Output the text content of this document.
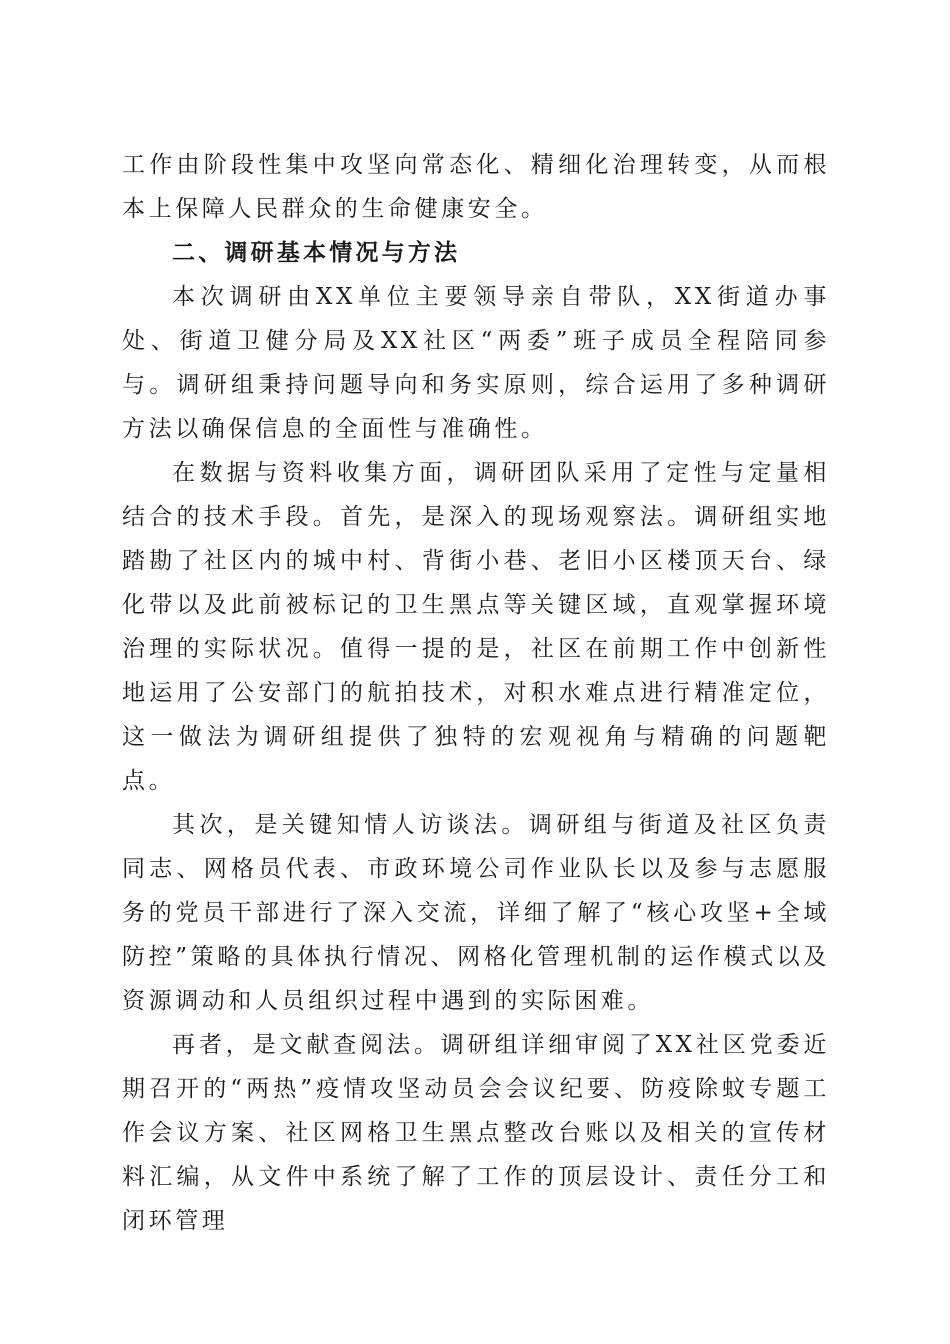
工作由阶段性集中攻坚向常态化、精细化治理转变，从而根本上保障人民群众的生命健康安全。

二、调研基本情况与方法

本次调研由XX单位主要领导亲自带队，XX街道办事处、街道卫健分局及XX社区“两委”班子成员全程陪同参与。调研组秉持问题导向和务实原则，综合运用了多种调研方法以确保信息的全面性与准确性。

在数据与资料收集方面，调研团队采用了定性与定量相结合的技术手段。首先，是深入的现场观察法。调研组实地踏勘了社区内的城中村、背街小巷、老旧小区楼顶天台、绿化带以及此前被标记的卫生黑点等关键区域，直观掌握环境治理的实际状况。值得一提的是，社区在前期工作中创新性地运用了公安部门的航拍技术，对积水难点进行精准定位，这一做法为调研组提供了独特的宏观视角与精确的问题靶点。

其次，是关键知情人访谈法。调研组与街道及社区负责同志、网格员代表、市政环境公司作业队长以及参与志愿服务的党员干部进行了深入交流，详细了解了“核心攻坚+全域防控”策略的具体执行情况、网格化管理机制的运作模式以及资源调动和人员组织过程中遇到的实际困难。

再者，是文献查阅法。调研组详细审阅了XX社区党委近期召开的“两热”疫情攻坚动员会会议纪要、防疫除蚊专题工作会议方案、社区网格卫生黑点整改台账以及相关的宣传材料汇编，从文件中系统了解了工作的顶层设计、责任分工和闭环管理
